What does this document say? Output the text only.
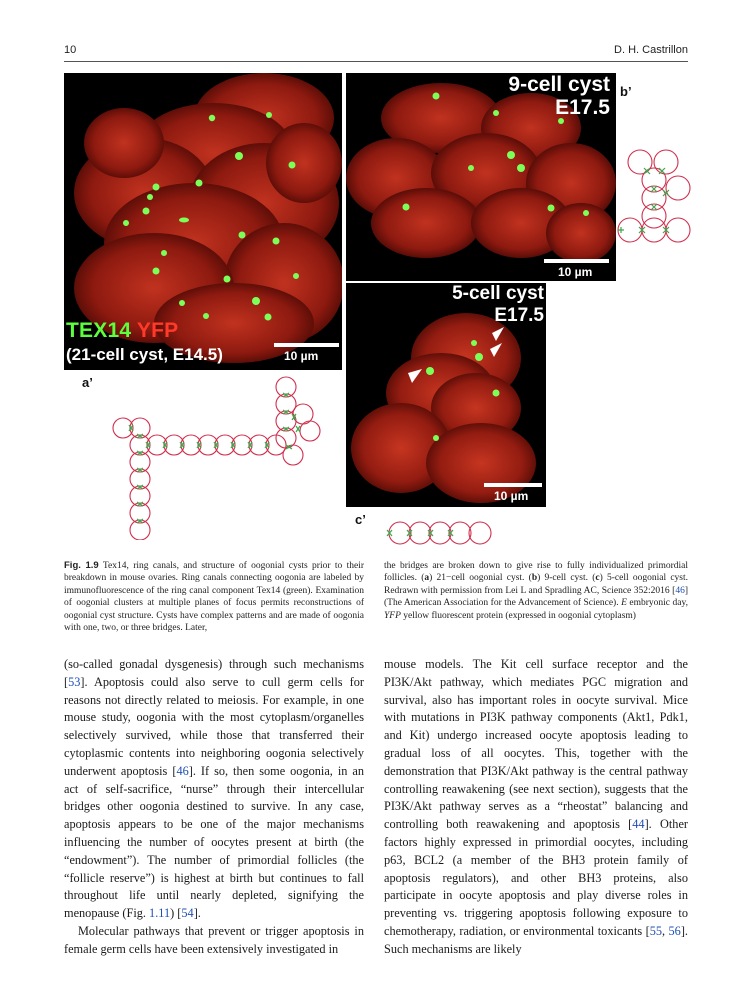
10	D. H. Castrillon
TEX14 YFP
(21-cell cyst, E14.5)	10 µm
9-cell cyst
E17.5
10 µm
b’
5-cell cyst
E17.5
10 µm
a’
c’
Fig. 1.9 Tex14, ring canals, and structure of oogonial cysts prior to their breakdown in mouse ovaries. Ring canals connecting oogonia are labeled by immunofluorescence of the ring canal component Tex14 (green). Examination of oogonial clusters at multiple planes of focus permits reconstructions of oogonial cyst structure. Cysts have complex patterns and are made of oogonia with one, two, or three bridges. Later,
the bridges are broken down to give rise to fully individualized primordial follicles. (a) 21−cell oogonial cyst. (b) 9-cell cyst. (c) 5-cell oogonial cyst. Redrawn with permission from Lei L and Spradling AC, Science 352:2016 [46] (The American Association for the Advancement of Science). E embryonic day, YFP yellow fluorescent protein (expressed in oogonial cytoplasm)

(so-called gonadal dysgenesis) through such mechanisms [53]. Apoptosis could also serve to cull germ cells for reasons not directly related to meiosis. For example, in one mouse study, oogonia with the most cytoplasm/organelles selectively survived, while those that transferred their cytoplasmic contents into neighboring oogonia selectively underwent apoptosis [46]. If so, then some oogonia, in an act of self-sacrifice, “nurse” through their intercellular bridges other oogonia destined to survive. In any case, apoptosis appears to be one of the major mechanisms influencing the number of oocytes present at birth (the “endowment”). The number of primordial follicles (the “follicle reserve”) is highest at birth but continues to fall throughout life until nearly depleted, signifying the menopause (Fig. 1.11) [54].

Molecular pathways that prevent or trigger apoptosis in female germ cells have been extensively investigated in

mouse models. The Kit cell surface receptor and the PI3K/Akt pathway, which mediates PGC migration and survival, also has important roles in oocyte survival. Mice with mutations in PI3K pathway components (Akt1, Pdk1, and Kit) undergo increased oocyte apoptosis leading to gradual loss of all oocytes. This, together with the demonstration that PI3K/Akt pathway is the central pathway controlling reawakening (see next section), suggests that the PI3K/Akt pathway serves as a “rheostat” balancing and controlling both reawakening and apoptosis [44]. Other factors highly expressed in primordial oocytes, including p63, BCL2 (a member of the BH3 protein family of apoptosis regulators), and other BH3 proteins, also participate in oocyte apoptosis and play diverse roles in preventing vs. triggering apoptosis following exposure to chemotherapy, radiation, or environmental toxicants [55, 56]. Such mechanisms are likely
